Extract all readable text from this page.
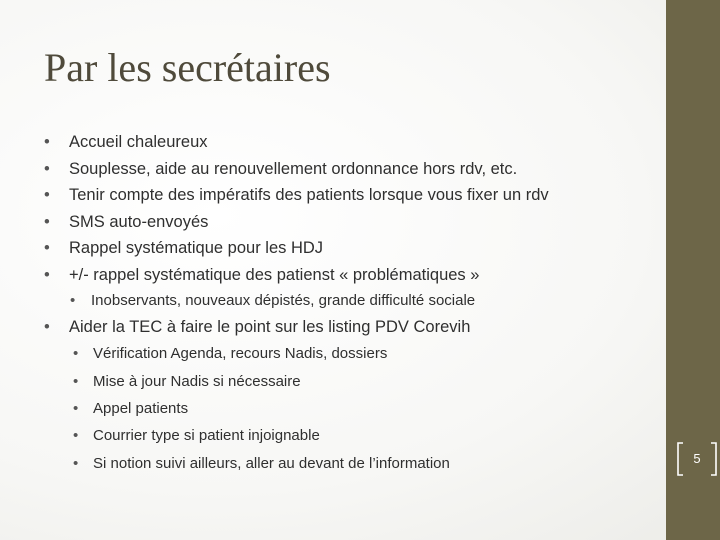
Par les secrétaires
• Accueil chaleureux
• Souplesse, aide au renouvellement ordonnance hors rdv, etc.
• Tenir compte des impératifs des patients lorsque vous fixer un rdv
• SMS auto-envoyés
• Rappel systématique pour les HDJ
• +/- rappel systématique des patienst « problématiques »
• Inobservants, nouveaux dépistés, grande difficulté sociale
• Aider la TEC à faire le point sur les listing PDV Corevih
• Vérification Agenda, recours Nadis, dossiers
• Mise à jour Nadis si nécessaire
• Appel patients
• Courrier type si patient injoignable
• Si notion suivi ailleurs, aller au devant de l’information	5
